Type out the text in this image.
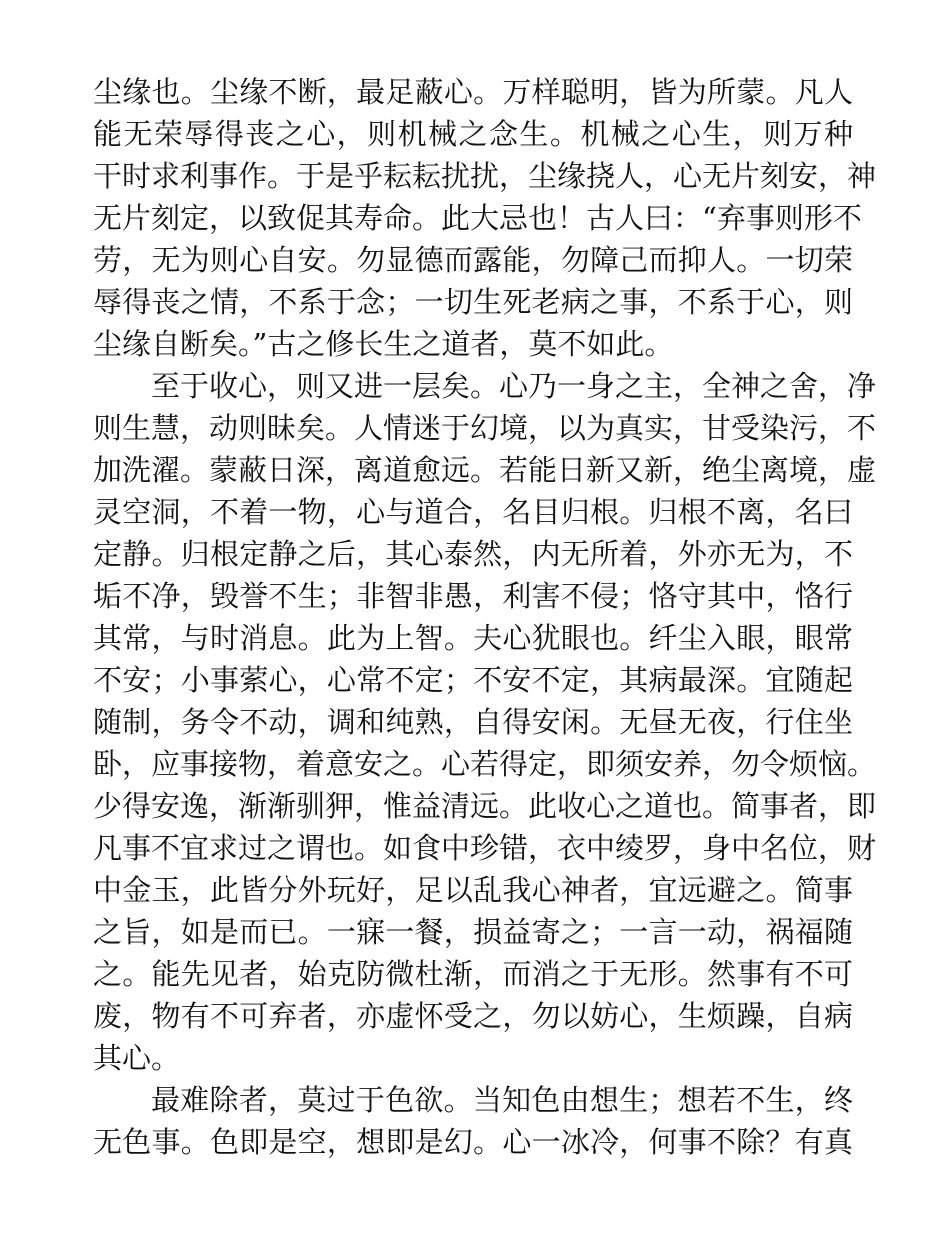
尘缘也。尘缘不断，最足蔽心。万样聪明，皆为所蒙。凡人
能无荣辱得丧之心，则机械之念生。机械之心生，则万种
干时求利事作。于是乎耘耘扰扰，尘缘挠人，心无片刻安，神
无片刻定，以致促其寿命。此大忌也！古人曰：“弃事则形不
劳，无为则心自安。勿显德而露能，勿障己而抑人。一切荣
辱得丧之情，不系于念；一切生死老病之事，不系于心，则
尘缘自断矣。”古之修长生之道者，莫不如此。
至于收心，则又进一层矣。心乃一身之主，全神之舍，净
则生慧，动则昧矣。人情迷于幻境，以为真实，甘受染污，不
加洗濯。蒙蔽日深，离道愈远。若能日新又新，绝尘离境，虚
灵空洞，不着一物，心与道合，名目归根。归根不离，名曰
定静。归根定静之后，其心泰然，内无所着，外亦无为，不
垢不净，毁誉不生；非智非愚，利害不侵；恪守其中，恪行
其常，与时消息。此为上智。夫心犹眼也。纤尘入眼，眼常
不安；小事萦心，心常不定；不安不定，其病最深。宜随起
随制，务令不动，调和纯熟，自得安闲。无昼无夜，行住坐
卧，应事接物，着意安之。心若得定，即须安养，勿令烦恼。
少得安逸，渐渐驯狎，惟益清远。此收心之道也。简事者，即
凡事不宜求过之谓也。如食中珍错，衣中绫罗，身中名位，财
中金玉，此皆分外玩好，足以乱我心神者，宜远避之。简事
之旨，如是而已。一寐一餐，损益寄之；一言一动，祸福随
之。能先见者，始克防微杜渐，而消之于无形。然事有不可
废，物有不可弃者，亦虚怀受之，勿以妨心，生烦躁，自病
其心。
最难除者，莫过于色欲。当知色由想生；想若不生，终
无色事。色即是空，想即是幻。心一冰冷，何事不除？有真
